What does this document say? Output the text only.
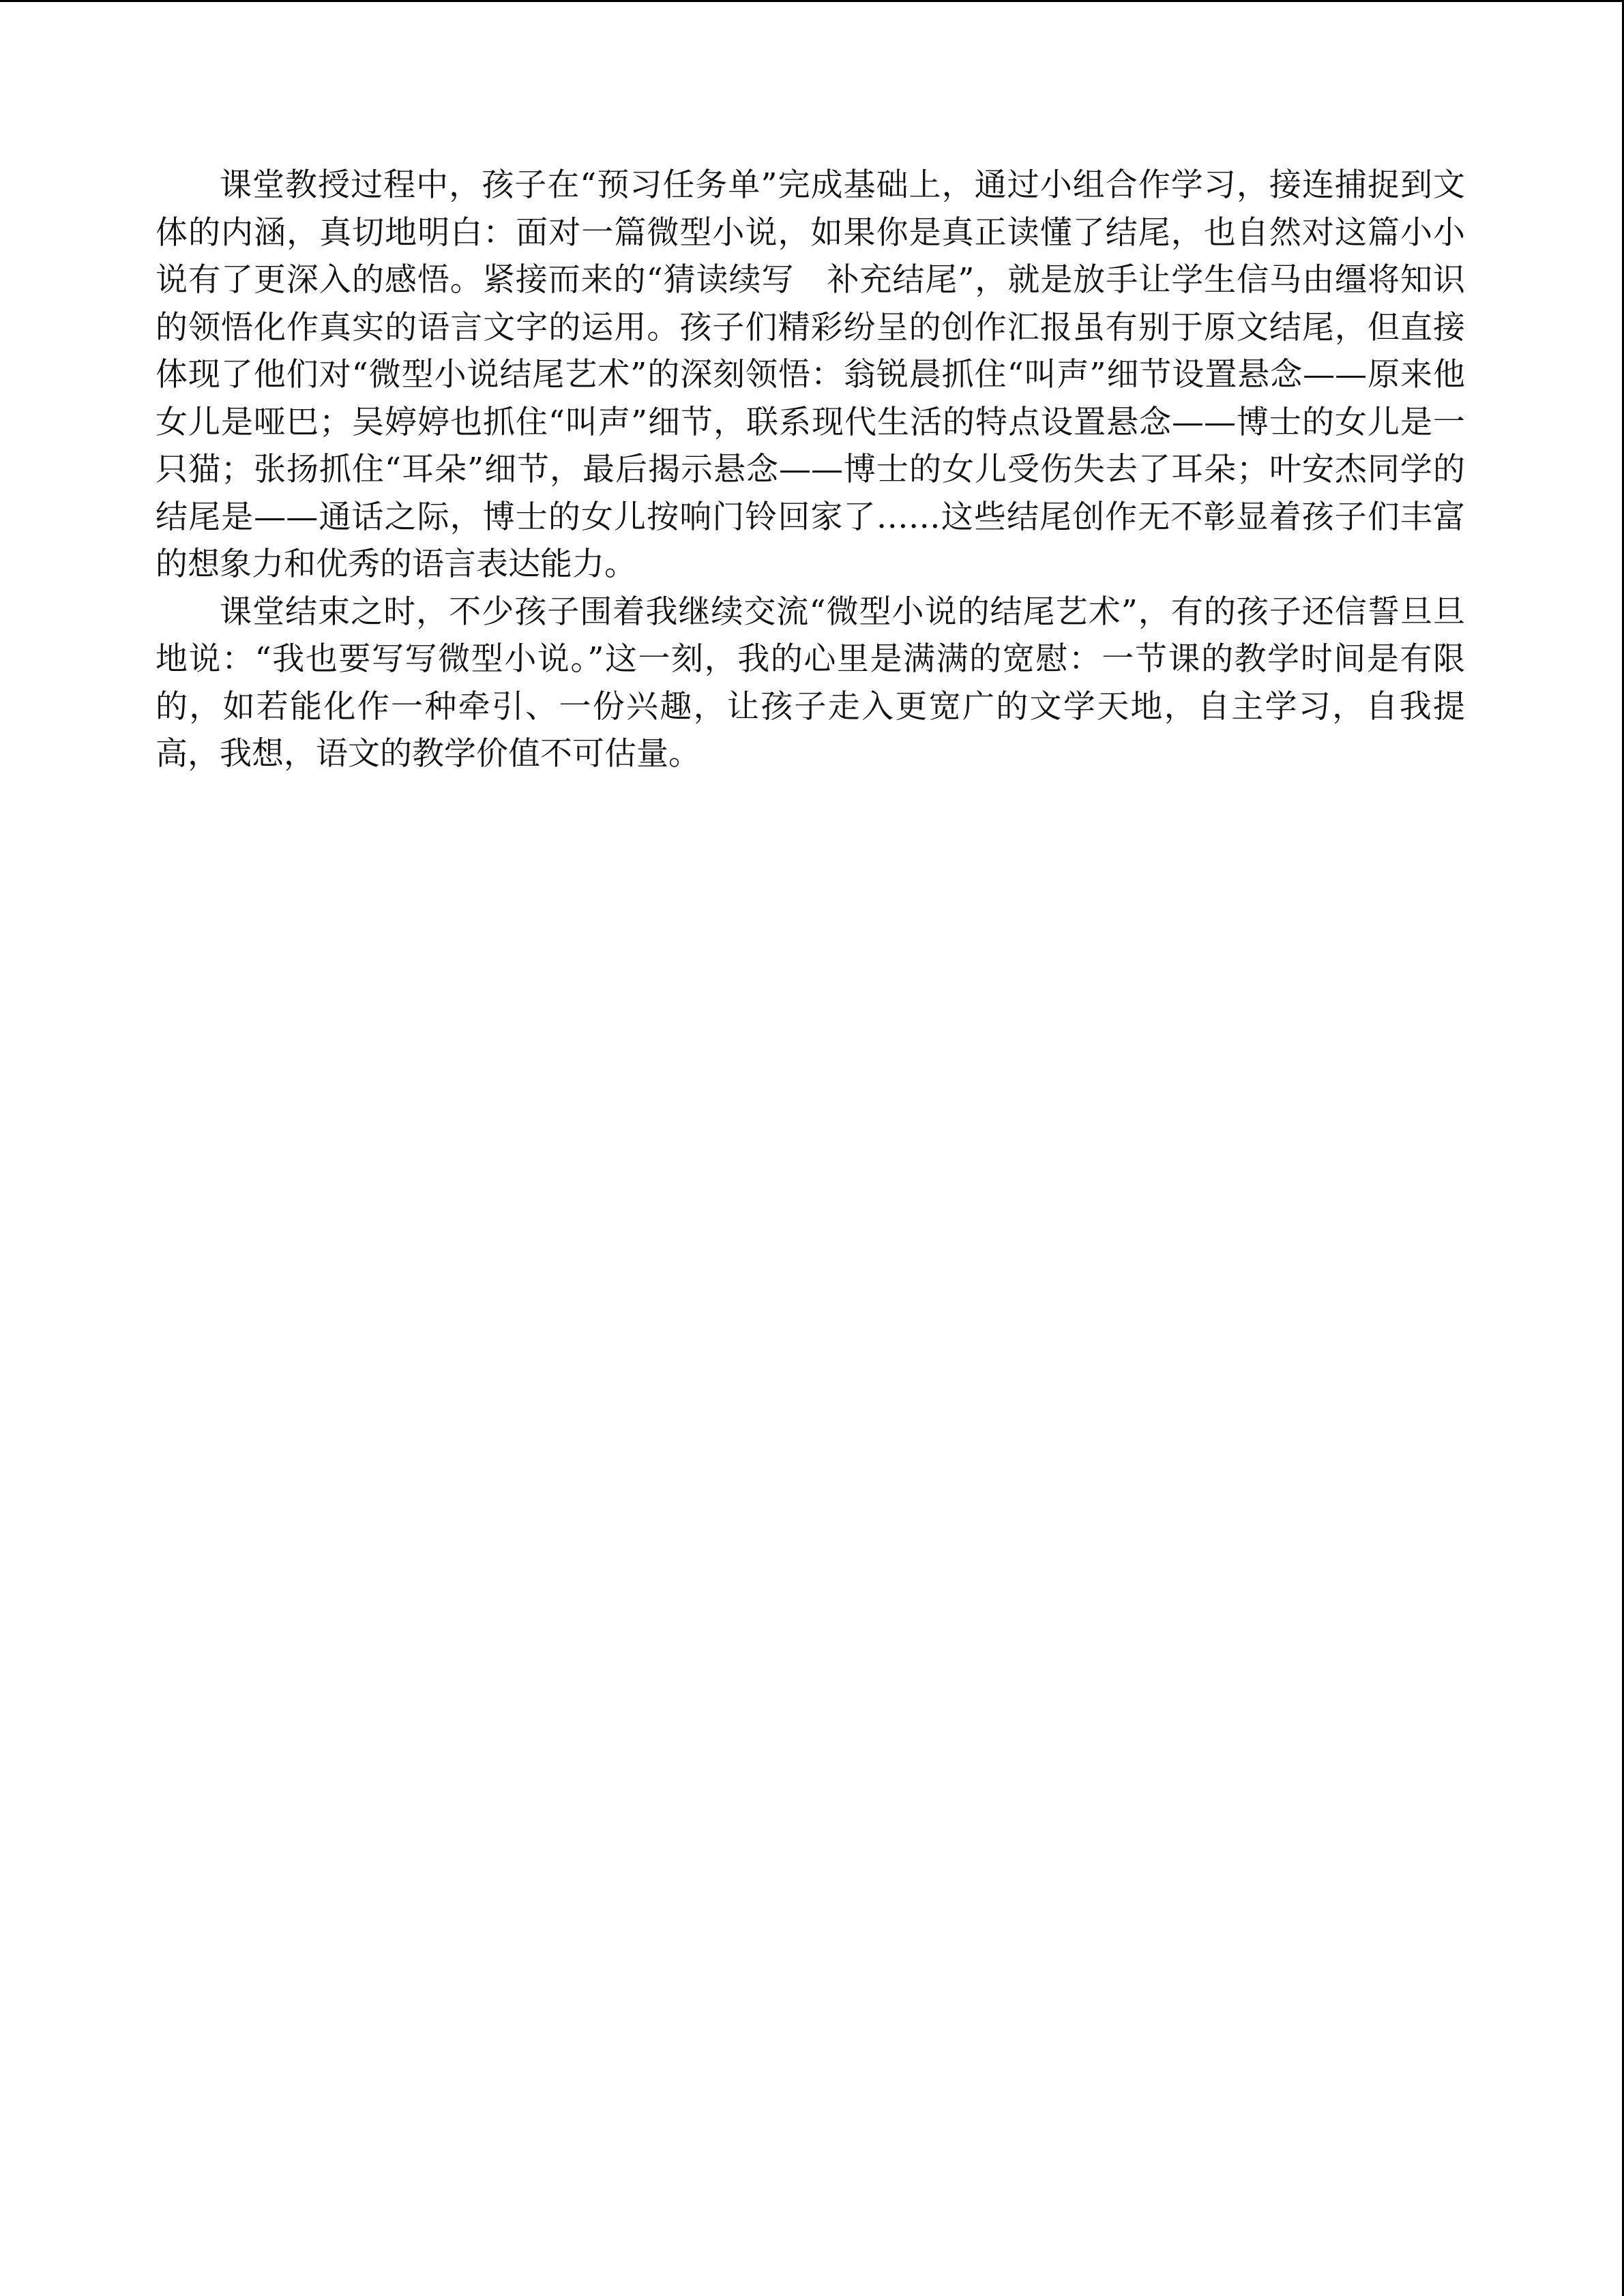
课堂教授过程中，孩子在“预习任务单”完成基础上，通过小组合作学习，接连捕捉到文体的内涵，真切地明白：面对一篇微型小说，如果你是真正读懂了结尾，也自然对这篇小小说有了更深入的感悟。紧接而来的“猜读续写　补充结尾”，就是放手让学生信马由缰将知识的领悟化作真实的语言文字的运用。孩子们精彩纷呈的创作汇报虽有别于原文结尾，但直接体现了他们对“微型小说结尾艺术”的深刻领悟：翁锐晨抓住“叫声”细节设置悬念——原来他女儿是哑巴；吴婷婷也抓住“叫声”细节，联系现代生活的特点设置悬念——博士的女儿是一只猫；张扬抓住“耳朵”细节，最后揭示悬念——博士的女儿受伤失去了耳朵；叶安杰同学的结尾是——通话之际，博士的女儿按响门铃回家了……这些结尾创作无不彰显着孩子们丰富的想象力和优秀的语言表达能力。

课堂结束之时，不少孩子围着我继续交流“微型小说的结尾艺术”，有的孩子还信誓旦旦地说：“我也要写写微型小说。”这一刻，我的心里是满满的宽慰：一节课的教学时间是有限的，如若能化作一种牵引、一份兴趣，让孩子走入更宽广的文学天地，自主学习，自我提高，我想，语文的教学价值不可估量。
